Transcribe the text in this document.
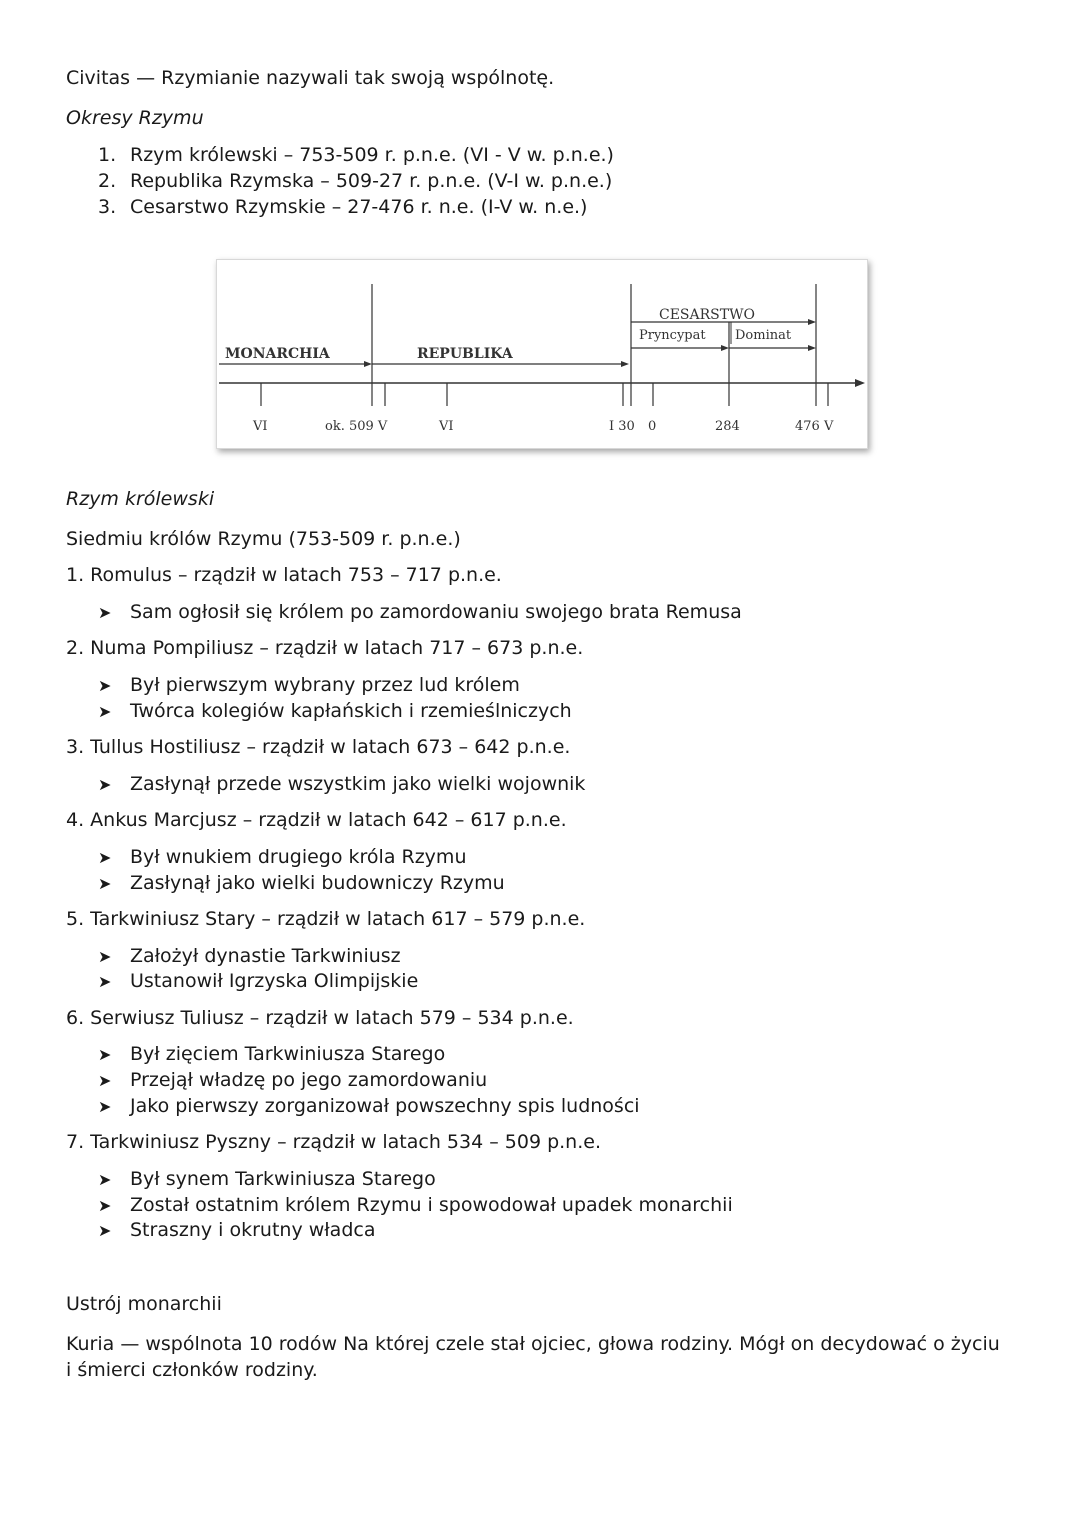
Civitas — Rzymianie nazywali tak swoją wspólnotę.
Okresy Rzymu
1. Rzym królewski – 753-509 r. p.n.e. (VI - V w. p.n.e.)
2. Republika Rzymska – 509-27 r. p.n.e. (V-I w. p.n.e.)
3. Cesarstwo Rzymskie – 27-476 r. n.e. (I-V w. n.e.)
MONARCHIA	REPUBLIKA
CESARSTWO
Pryncypat Dominat
VI	ok. 509 V	VI	I 30 0	284	476 V
Rzym królewski
Siedmiu królów Rzymu (753-509 r. p.n.e.)
1. Romulus – rządził w latach 753 – 717 p.n.e.
➤ Sam ogłosił się królem po zamordowaniu swojego brata Remusa
2. Numa Pompiliusz – rządził w latach 717 – 673 p.n.e.
➤ Był pierwszym wybrany przez lud królem
➤ Twórca kolegiów kapłańskich i rzemieślniczych
3. Tullus Hostiliusz – rządził w latach 673 – 642 p.n.e.
➤ Zasłynął przede wszystkim jako wielki wojownik
4. Ankus Marcjusz – rządził w latach 642 – 617 p.n.e.
➤ Był wnukiem drugiego króla Rzymu
➤ Zasłynął jako wielki budowniczy Rzymu
5. Tarkwiniusz Stary – rządził w latach 617 – 579 p.n.e.
➤ Założył dynastie Tarkwiniusz
➤ Ustanowił Igrzyska Olimpijskie
6. Serwiusz Tuliusz – rządził w latach 579 – 534 p.n.e.
➤ Był zięciem Tarkwiniusza Starego
➤ Przejął władzę po jego zamordowaniu
➤ Jako pierwszy zorganizował powszechny spis ludności
7. Tarkwiniusz Pyszny – rządził w latach 534 – 509 p.n.e.
➤ Był synem Tarkwiniusza Starego
➤ Został ostatnim królem Rzymu i spowodował upadek monarchii
➤ Straszny i okrutny władca
Ustrój monarchii
Kuria — wspólnota 10 rodów Na której czele stał ojciec, głowa rodziny. Mógł on decydować o życiu i śmierci członków rodziny.
